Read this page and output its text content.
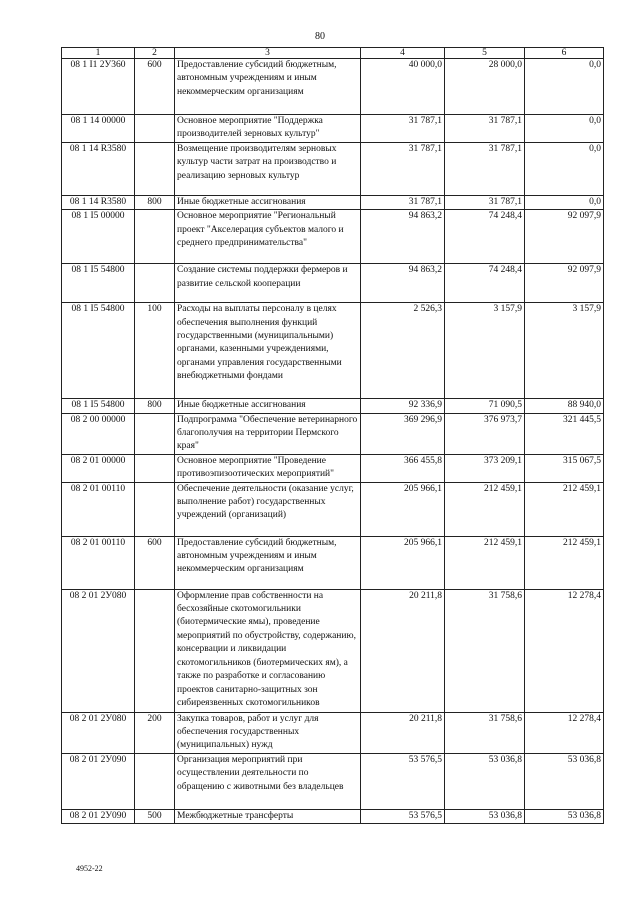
80
1	2	3	4	5	6
08 1 I1 2У360	600	Предоставление субсидий бюджетным, автономным учреждениям и иным некоммерческим организациям	40 000,0	28 000,0	0,0
08 1 14 00000		Основное мероприятие "Поддержка производителей зерновых культур"	31 787,1	31 787,1	0,0
08 1 14 R3580		Возмещение производителям зерновых культур части затрат на производство и реализацию зерновых культур	31 787,1	31 787,1	0,0
08 1 14 R3580	800	Иные бюджетные ассигнования	31 787,1	31 787,1	0,0
08 1 I5 00000		Основное мероприятие "Региональный проект "Акселерация субъектов малого и среднего предпринимательства"	94 863,2	74 248,4	92 097,9
08 1 I5 54800		Создание системы поддержки фермеров и развитие сельской кооперации	94 863,2	74 248,4	92 097,9
08 1 I5 54800	100	Расходы на выплаты персоналу в целях обеспечения выполнения функций государственными (муниципальными) органами, казенными учреждениями, органами управления государственными внебюджетными фондами	2 526,3	3 157,9	3 157,9
08 1 I5 54800	800	Иные бюджетные ассигнования	92 336,9	71 090,5	88 940,0
08 2 00 00000		Подпрограмма "Обеспечение ветеринарного благополучия на территории Пермского края"	369 296,9	376 973,7	321 445,5
08 2 01 00000		Основное мероприятие "Проведение противоэпизоотических мероприятий"	366 455,8	373 209,1	315 067,5
08 2 01 00110		Обеспечение деятельности (оказание услуг, выполнение работ) государственных учреждений (организаций)	205 966,1	212 459,1	212 459,1
08 2 01 00110	600	Предоставление субсидий бюджетным, автономным учреждениям и иным некоммерческим организациям	205 966,1	212 459,1	212 459,1
08 2 01 2У080		Оформление прав собственности на бесхозяйные скотомогильники (биотермические ямы), проведение мероприятий по обустройству, содержанию, консервации и ликвидации скотомогильников (биотермических ям), а также по разработке и согласованию проектов санитарно-защитных зон сибиреязвенных скотомогильников	20 211,8	31 758,6	12 278,4
08 2 01 2У080	200	Закупка товаров, работ и услуг для обеспечения государственных (муниципальных) нужд	20 211,8	31 758,6	12 278,4
08 2 01 2У090		Организация мероприятий при осуществлении деятельности по обращению с животными без владельцев	53 576,5	53 036,8	53 036,8
08 2 01 2У090	500	Межбюджетные трансферты	53 576,5	53 036,8	53 036,8
4952-22
